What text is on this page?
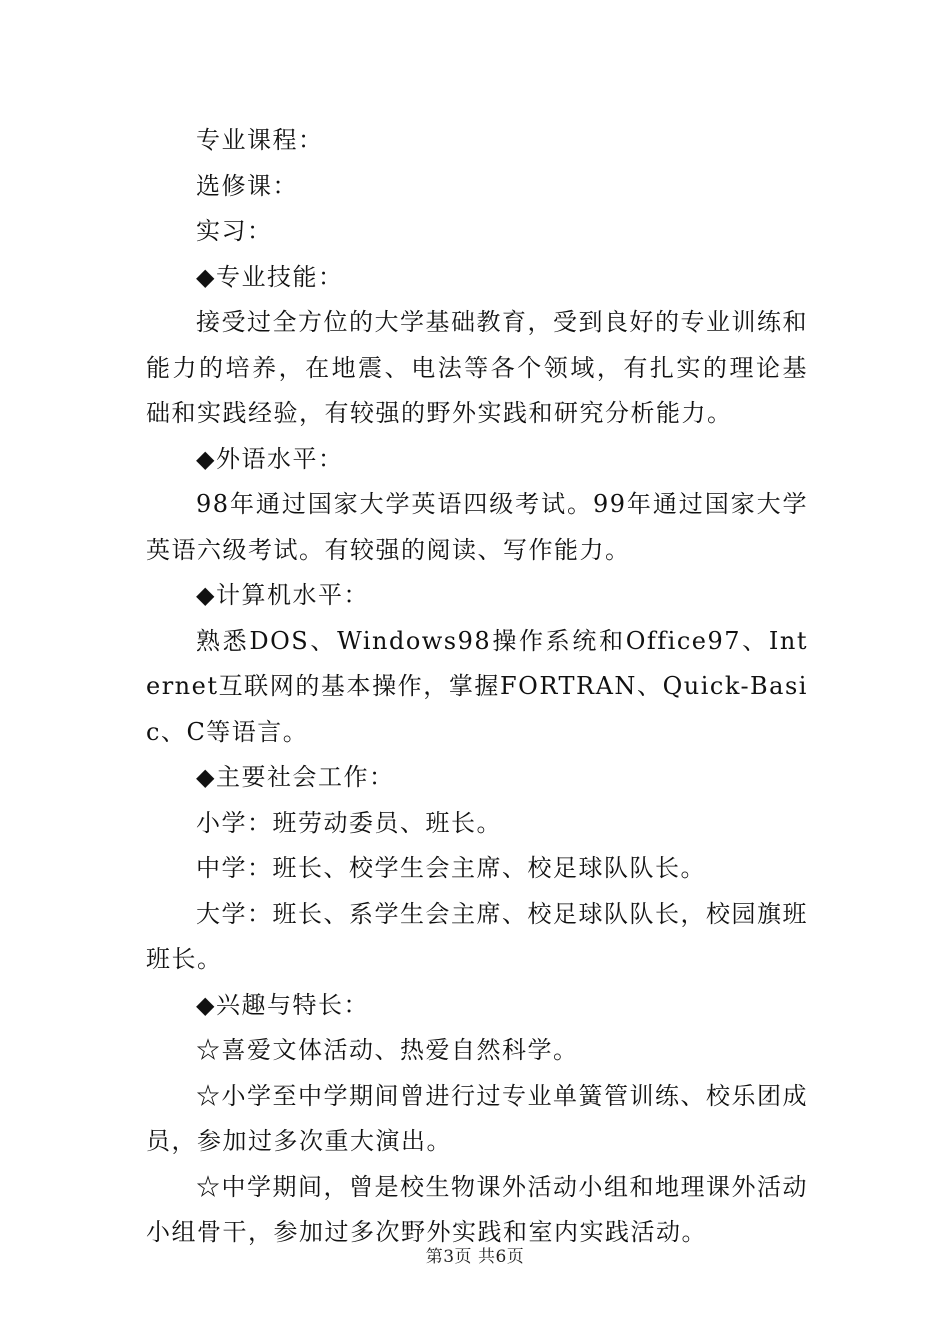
专业课程：

选修课：

实习：

◆专业技能：

接受过全方位的大学基础教育，受到良好的专业训练和能力的培养，在地震、电法等各个领域，有扎实的理论基础和实践经验，有较强的野外实践和研究分析能力。

◆外语水平：

98年通过国家大学英语四级考试。99年通过国家大学英语六级考试。有较强的阅读、写作能力。

◆计算机水平：

熟悉DOS、Windows98操作系统和Office97、Internet互联网的基本操作，掌握FORTRAN、Quick-Basic、C等语言。

◆主要社会工作：

小学：班劳动委员、班长。

中学：班长、校学生会主席、校足球队队长。

大学：班长、系学生会主席、校足球队队长，校园旗班班长。

◆兴趣与特长：

☆喜爱文体活动、热爱自然科学。

☆小学至中学期间曾进行过专业单簧管训练、校乐团成员，参加过多次重大演出。

☆中学期间，曾是校生物课外活动小组和地理课外活动小组骨干，参加过多次野外实践和室内实践活动。

第3页 共6页
